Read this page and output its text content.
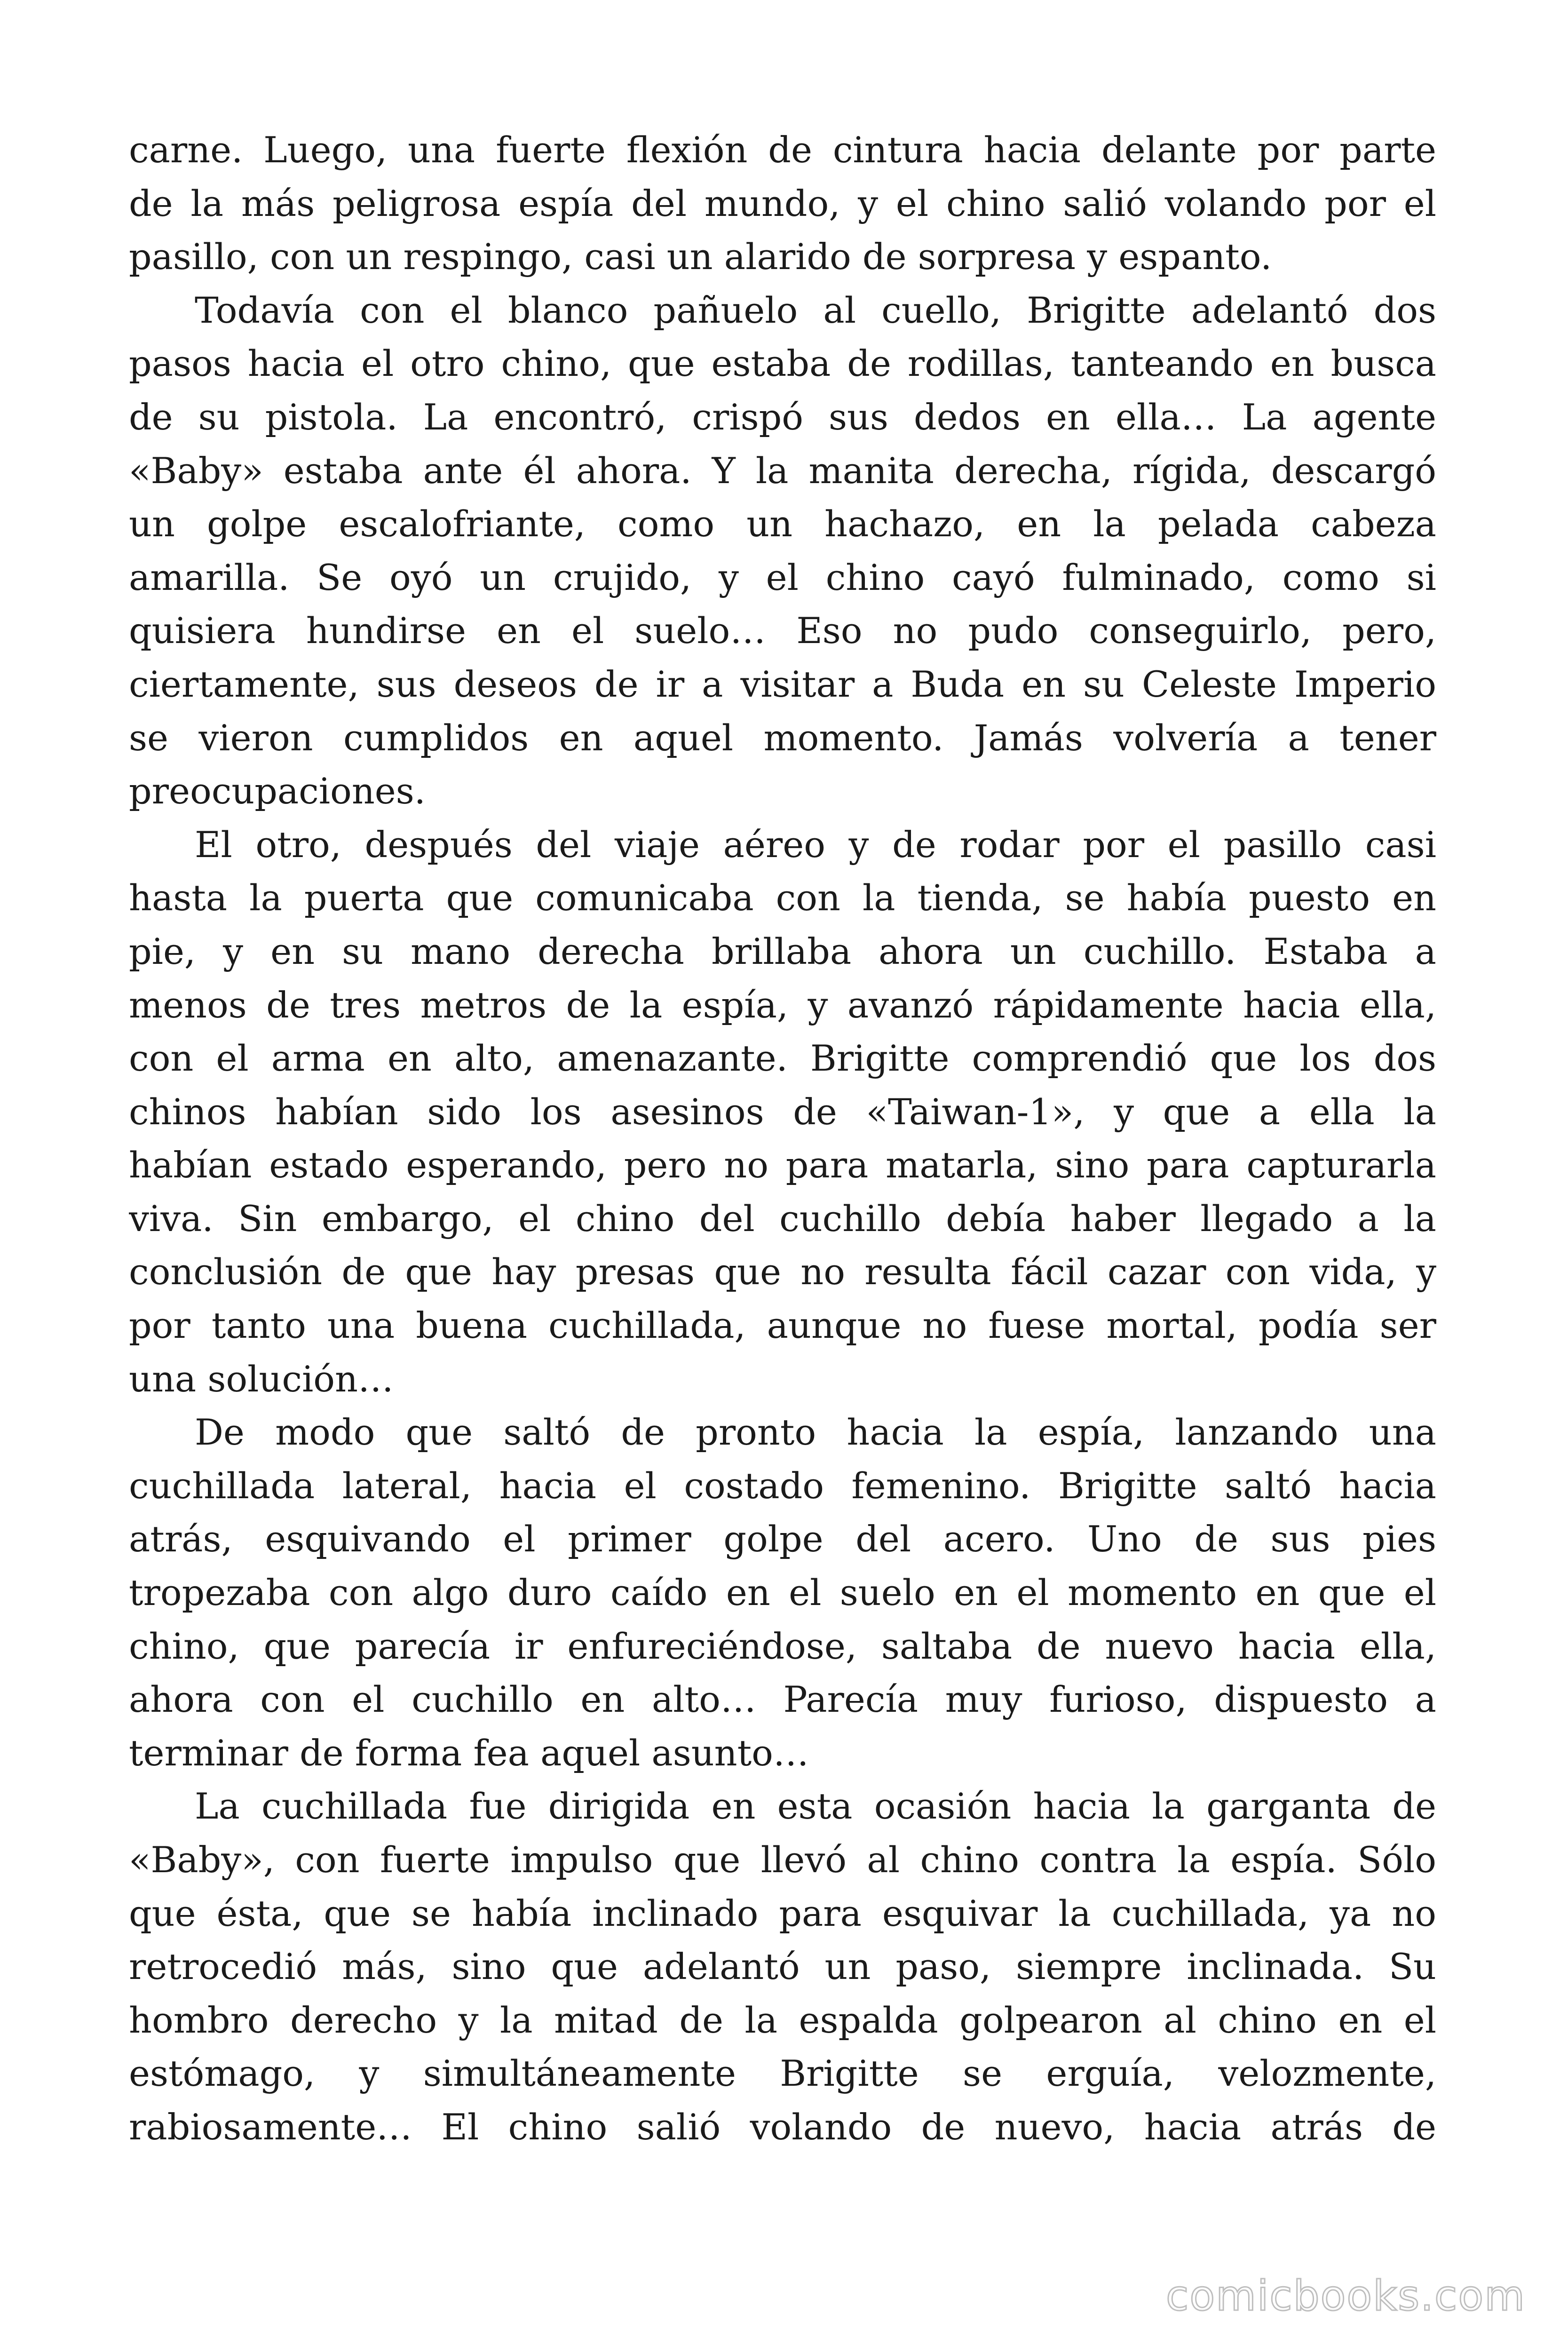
carne. Luego, una fuerte flexión de cintura hacia delante por parte
de la más peligrosa espía del mundo, y el chino salió volando por el
pasillo, con un respingo, casi un alarido de sorpresa y espanto.
Todavía con el blanco pañuelo al cuello, Brigitte adelantó dos
pasos hacia el otro chino, que estaba de rodillas, tanteando en busca
de su pistola. La encontró, crispó sus dedos en ella… La agente
«Baby» estaba ante él ahora. Y la manita derecha, rígida, descargó
un golpe escalofriante, como un hachazo, en la pelada cabeza
amarilla. Se oyó un crujido, y el chino cayó fulminado, como si
quisiera hundirse en el suelo… Eso no pudo conseguirlo, pero,
ciertamente, sus deseos de ir a visitar a Buda en su Celeste Imperio
se vieron cumplidos en aquel momento. Jamás volvería a tener
preocupaciones.
El otro, después del viaje aéreo y de rodar por el pasillo casi
hasta la puerta que comunicaba con la tienda, se había puesto en
pie, y en su mano derecha brillaba ahora un cuchillo. Estaba a
menos de tres metros de la espía, y avanzó rápidamente hacia ella,
con el arma en alto, amenazante. Brigitte comprendió que los dos
chinos habían sido los asesinos de «Taiwan-1», y que a ella la
habían estado esperando, pero no para matarla, sino para capturarla
viva. Sin embargo, el chino del cuchillo debía haber llegado a la
conclusión de que hay presas que no resulta fácil cazar con vida, y
por tanto una buena cuchillada, aunque no fuese mortal, podía ser
una solución…
De modo que saltó de pronto hacia la espía, lanzando una
cuchillada lateral, hacia el costado femenino. Brigitte saltó hacia
atrás, esquivando el primer golpe del acero. Uno de sus pies
tropezaba con algo duro caído en el suelo en el momento en que el
chino, que parecía ir enfureciéndose, saltaba de nuevo hacia ella,
ahora con el cuchillo en alto… Parecía muy furioso, dispuesto a
terminar de forma fea aquel asunto…
La cuchillada fue dirigida en esta ocasión hacia la garganta de
«Baby», con fuerte impulso que llevó al chino contra la espía. Sólo
que ésta, que se había inclinado para esquivar la cuchillada, ya no
retrocedió más, sino que adelantó un paso, siempre inclinada. Su
hombro derecho y la mitad de la espalda golpearon al chino en el
estómago, y simultáneamente Brigitte se erguía, velozmente,
rabiosamente… El chino salió volando de nuevo, hacia atrás de
comicbooks.com
